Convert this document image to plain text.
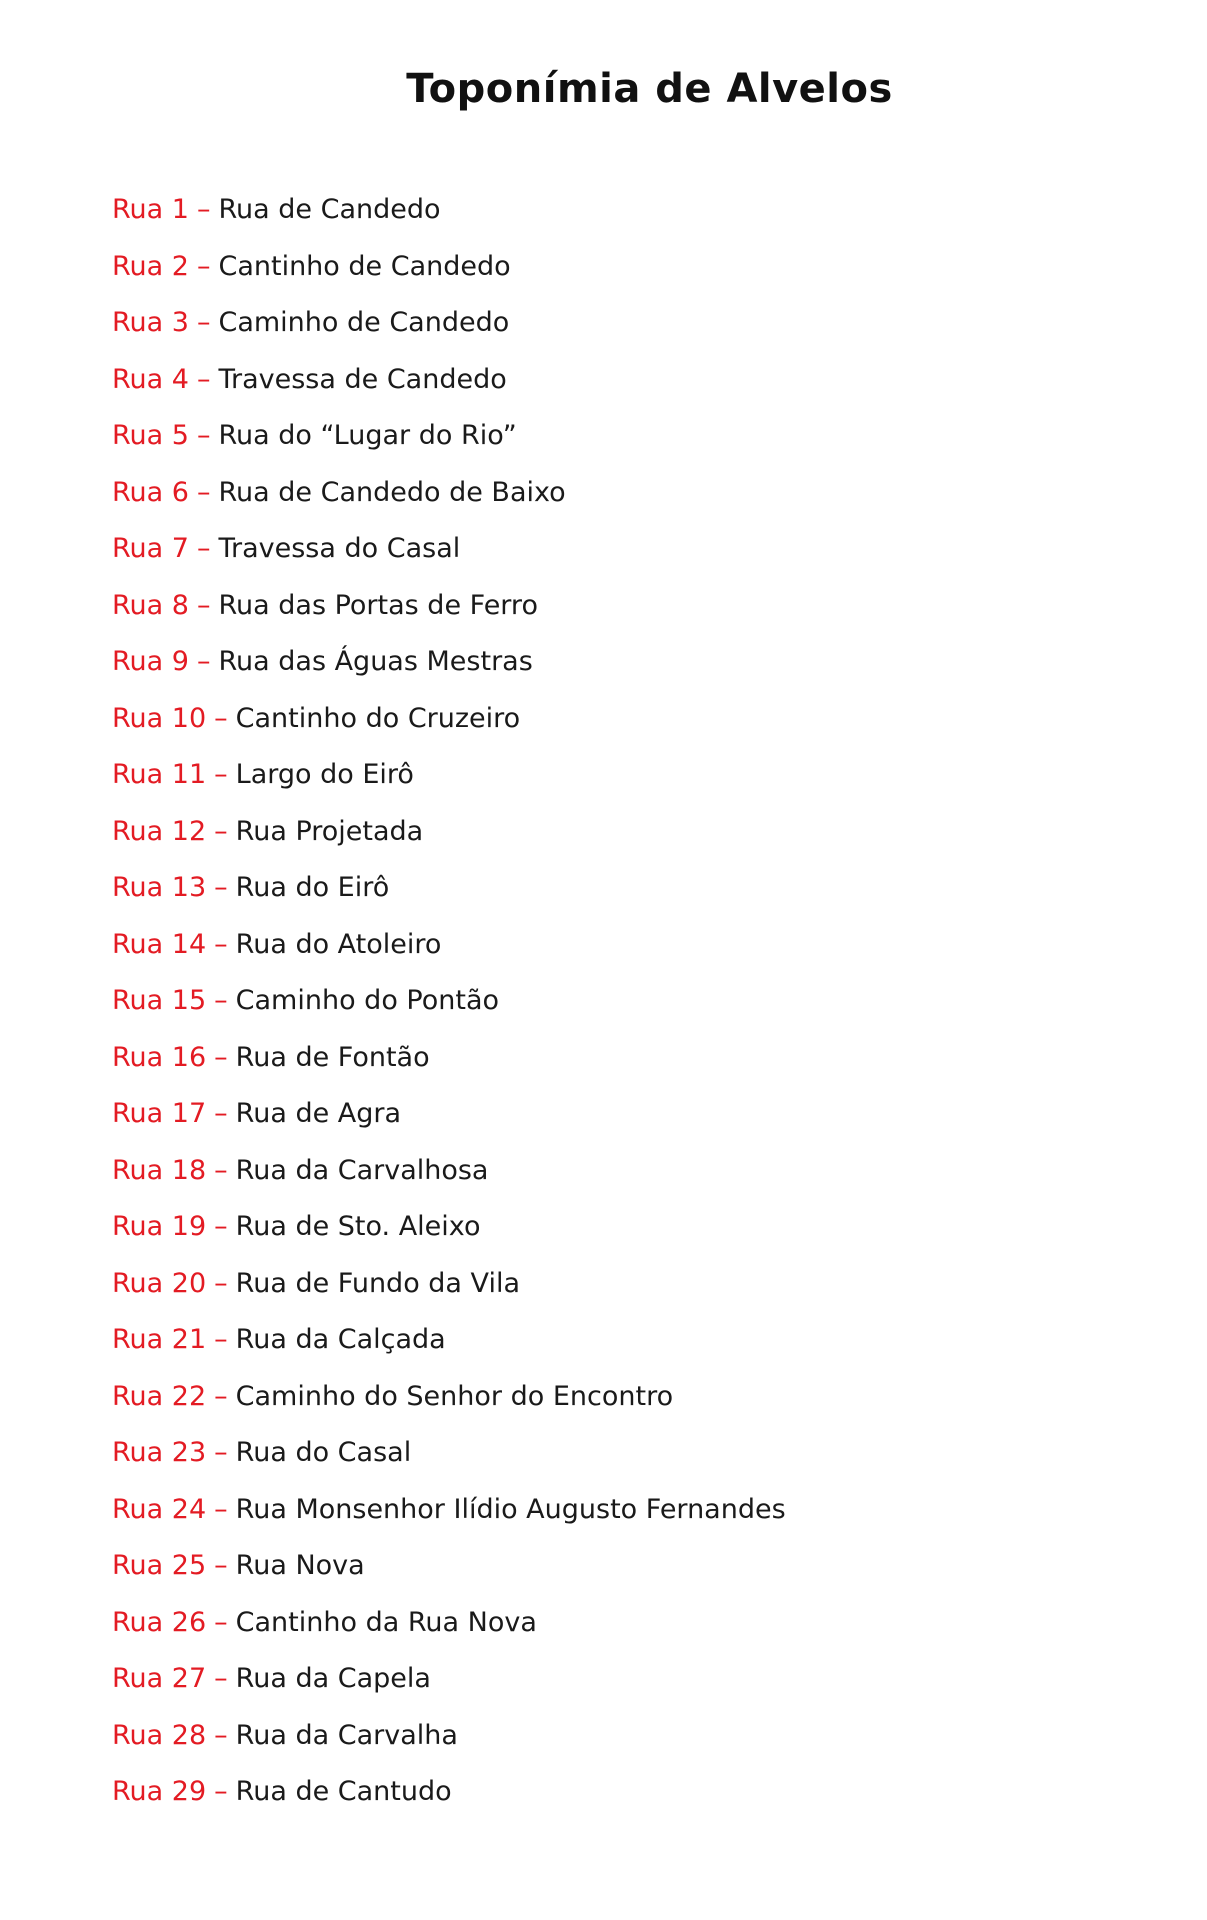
Toponímia de Alvelos
Rua 1 – Rua de Candedo
Rua 2 – Cantinho de Candedo
Rua 3 – Caminho de Candedo
Rua 4 – Travessa de Candedo
Rua 5 – Rua do “Lugar do Rio”
Rua 6 – Rua de Candedo de Baixo
Rua 7 – Travessa do Casal
Rua 8 – Rua das Portas de Ferro
Rua 9 – Rua das Águas Mestras
Rua 10 – Cantinho do Cruzeiro
Rua 11 – Largo do Eirô
Rua 12 – Rua Projetada
Rua 13 – Rua do Eirô
Rua 14 – Rua do Atoleiro
Rua 15 – Caminho do Pontão
Rua 16 – Rua de Fontão
Rua 17 – Rua de Agra
Rua 18 – Rua da Carvalhosa
Rua 19 – Rua de Sto. Aleixo
Rua 20 – Rua de Fundo da Vila
Rua 21 – Rua da Calçada
Rua 22 – Caminho do Senhor do Encontro
Rua 23 – Rua do Casal
Rua 24 – Rua Monsenhor Ilídio Augusto Fernandes
Rua 25 – Rua Nova
Rua 26 – Cantinho da Rua Nova
Rua 27 – Rua da Capela
Rua 28 – Rua da Carvalha
Rua 29 – Rua de Cantudo
